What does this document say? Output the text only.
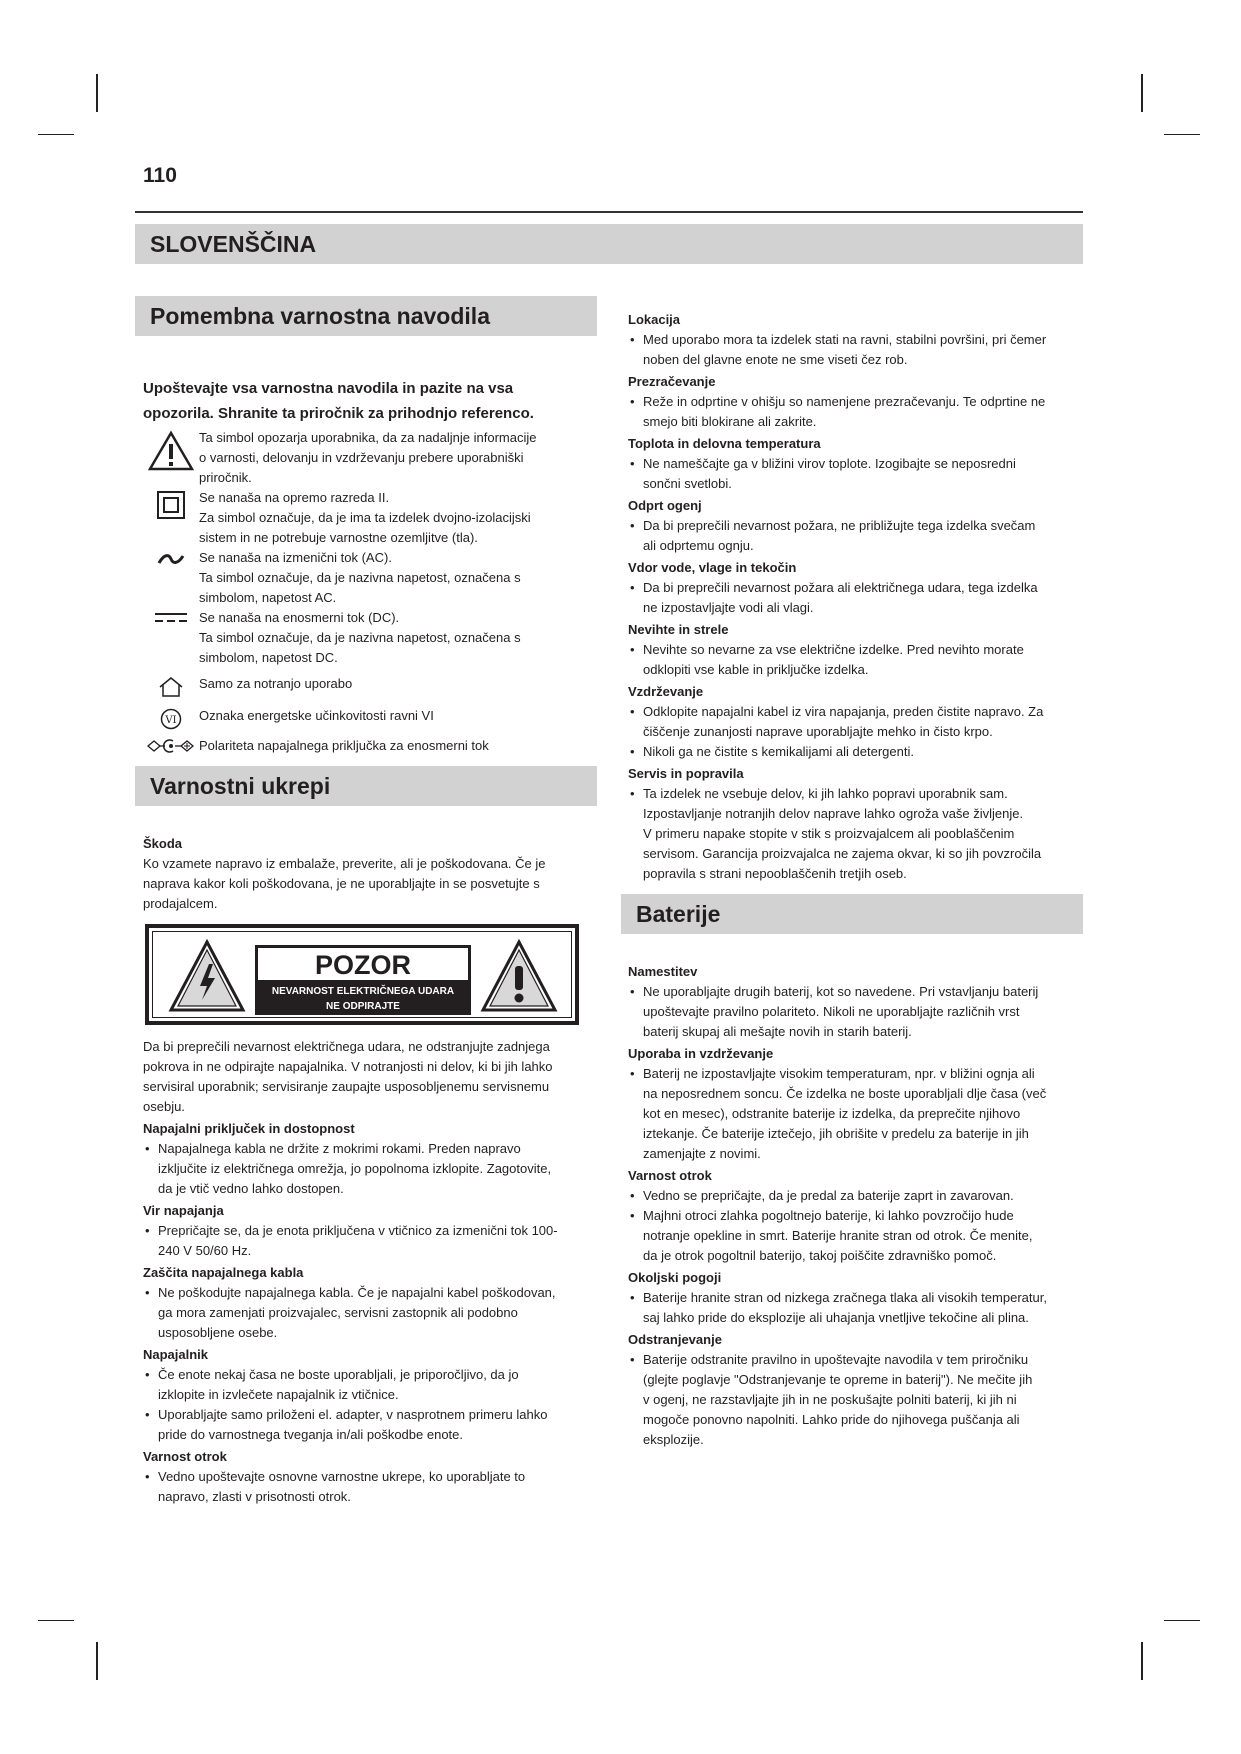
110
SLOVENŠČINA
Pomembna varnostna navodila
Upoštevajte vsa varnostna navodila in pazite na vsa
opozorila. Shranite ta priročnik za prihodnjo referenco.
Ta simbol opozarja uporabnika, da za nadaljnje informacije
o varnosti, delovanju in vzdrževanju prebere uporabniški
priročnik.
Se nanaša na opremo razreda II.
Za simbol označuje, da je ima ta izdelek dvojno-izolacijski
sistem in ne potrebuje varnostne ozemljitve (tla).
Se nanaša na izmenični tok (AC).
Ta simbol označuje, da je nazivna napetost, označena s
simbolom, napetost AC.
Se nanaša na enosmerni tok (DC).
Ta simbol označuje, da je nazivna napetost, označena s
simbolom, napetost DC.
Samo za notranjo uporabo
VI Oznaka energetske učinkovitosti ravni VI
Polariteta napajalnega priključka za enosmerni tok
Varnostni ukrepi
Škoda
Ko vzamete napravo iz embalaže, preverite, ali je poškodovana. Če je
naprava kakor koli poškodovana, je ne uporabljajte in se posvetujte s
prodajalcem.
POZOR
NEVARNOST ELEKTRIČNEGA UDARA
NE ODPIRAJTE
Da bi preprečili nevarnost električnega udara, ne odstranjujte zadnjega
pokrova in ne odpirajte napajalnika. V notranjosti ni delov, ki bi jih lahko
servisiral uporabnik; servisiranje zaupajte usposobljenemu servisnemu
osebju.
Napajalni priključek in dostopnost
• Napajalnega kabla ne držite z mokrimi rokami. Preden napravo
izključite iz električnega omrežja, jo popolnoma izklopite. Zagotovite,
da je vtič vedno lahko dostopen.
Vir napajanja
• Prepričajte se, da je enota priključena v vtičnico za izmenični tok 100-
240 V 50/60 Hz.
Zaščita napajalnega kabla
• Ne poškodujte napajalnega kabla. Če je napajalni kabel poškodovan,
ga mora zamenjati proizvajalec, servisni zastopnik ali podobno
usposobljene osebe.
Napajalnik
• Če enote nekaj časa ne boste uporabljali, je priporočljivo, da jo
izklopite in izvlečete napajalnik iz vtičnice.
• Uporabljajte samo priloženi el. adapter, v nasprotnem primeru lahko
pride do varnostnega tveganja in/ali poškodbe enote.
Varnost otrok
• Vedno upoštevajte osnovne varnostne ukrepe, ko uporabljate to
napravo, zlasti v prisotnosti otrok.
Lokacija
• Med uporabo mora ta izdelek stati na ravni, stabilni površini, pri čemer
noben del glavne enote ne sme viseti čez rob.
Prezračevanje
• Reže in odprtine v ohišju so namenjene prezračevanju. Te odprtine ne
smejo biti blokirane ali zakrite.
Toplota in delovna temperatura
• Ne nameščajte ga v bližini virov toplote. Izogibajte se neposredni
sončni svetlobi.
Odprt ogenj
• Da bi preprečili nevarnost požara, ne približujte tega izdelka svečam
ali odprtemu ognju.
Vdor vode, vlage in tekočin
• Da bi preprečili nevarnost požara ali električnega udara, tega izdelka
ne izpostavljajte vodi ali vlagi.
Nevihte in strele
• Nevihte so nevarne za vse električne izdelke. Pred nevihto morate
odklopiti vse kable in priključke izdelka.
Vzdrževanje
• Odklopite napajalni kabel iz vira napajanja, preden čistite napravo. Za
čiščenje zunanjosti naprave uporabljajte mehko in čisto krpo.
• Nikoli ga ne čistite s kemikalijami ali detergenti.
Servis in popravila
• Ta izdelek ne vsebuje delov, ki jih lahko popravi uporabnik sam.
Izpostavljanje notranjih delov naprave lahko ogroža vaše življenje.
V primeru napake stopite v stik s proizvajalcem ali pooblaščenim
servisom. Garancija proizvajalca ne zajema okvar, ki so jih povzročila
popravila s strani nepooblaščenih tretjih oseb.
Baterije
Namestitev
• Ne uporabljajte drugih baterij, kot so navedene. Pri vstavljanju baterij
upoštevajte pravilno polariteto. Nikoli ne uporabljajte različnih vrst
baterij skupaj ali mešajte novih in starih baterij.
Uporaba in vzdrževanje
• Baterij ne izpostavljajte visokim temperaturam, npr. v bližini ognja ali
na neposrednem soncu. Če izdelka ne boste uporabljali dlje časa (več
kot en mesec), odstranite baterije iz izdelka, da preprečite njihovo
iztekanje. Če baterije iztečejo, jih obrišite v predelu za baterije in jih
zamenjajte z novimi.
Varnost otrok
• Vedno se prepričajte, da je predal za baterije zaprt in zavarovan.
• Majhni otroci zlahka pogoltnejo baterije, ki lahko povzročijo hude
notranje opekline in smrt. Baterije hranite stran od otrok. Če menite,
da je otrok pogoltnil baterijo, takoj poiščite zdravniško pomoč.
Okoljski pogoji
• Baterije hranite stran od nizkega zračnega tlaka ali visokih temperatur,
saj lahko pride do eksplozije ali uhajanja vnetljive tekočine ali plina.
Odstranjevanje
• Baterije odstranite pravilno in upoštevajte navodila v tem priročniku
(glejte poglavje "Odstranjevanje te opreme in baterij"). Ne mečite jih
v ogenj, ne razstavljajte jih in ne poskušajte polniti baterij, ki jih ni
mogoče ponovno napolniti. Lahko pride do njihovega puščanja ali
eksplozije.
